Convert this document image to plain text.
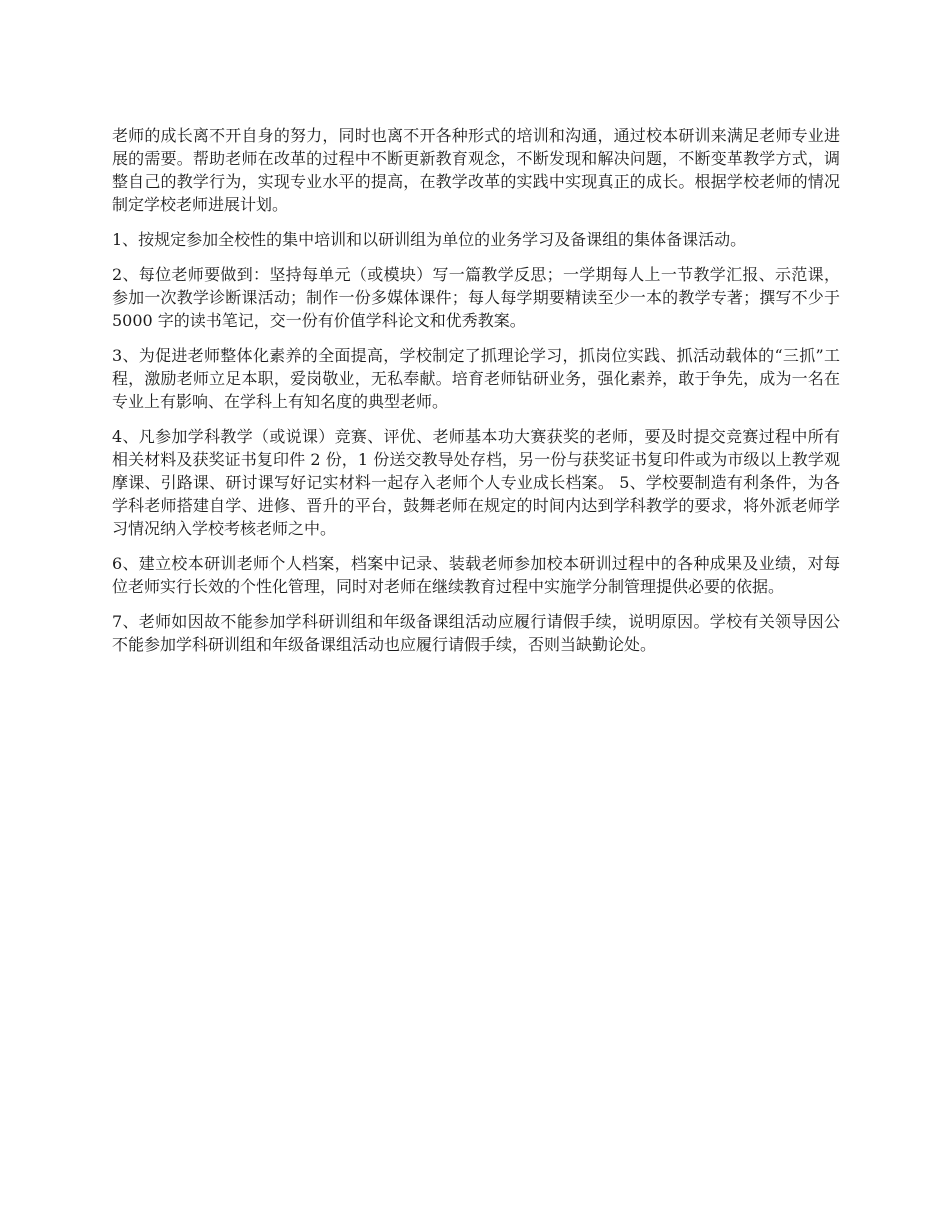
老师的成长离不开自身的努力，同时也离不开各种形式的培训和沟通，通过校本研训来满足老师专业进展的需要。帮助老师在改革的过程中不断更新教育观念，不断发现和解决问题，不断变革教学方式，调整自己的教学行为，实现专业水平的提高，在教学改革的实践中实现真正的成长。根据学校老师的情况制定学校老师进展计划。

1、按规定参加全校性的集中培训和以研训组为单位的业务学习及备课组的集体备课活动。

2、每位老师要做到：坚持每单元（或模块）写一篇教学反思；一学期每人上一节教学汇报、示范课，参加一次教学诊断课活动；制作一份多媒体课件；每人每学期要精读至少一本的教学专著；撰写不少于 5000 字的读书笔记，交一份有价值学科论文和优秀教案。

3、为促进老师整体化素养的全面提高，学校制定了抓理论学习，抓岗位实践、抓活动载体的“三抓”工程，激励老师立足本职，爱岗敬业，无私奉献。培育老师钻研业务，强化素养，敢于争先，成为一名在专业上有影响、在学科上有知名度的典型老师。

4、凡参加学科教学（或说课）竞赛、评优、老师基本功大赛获奖的老师，要及时提交竞赛过程中所有相关材料及获奖证书复印件 2 份，1 份送交教导处存档，另一份与获奖证书复印件或为市级以上教学观摩课、引路课、研讨课写好记实材料一起存入老师个人专业成长档案。 5、学校要制造有利条件，为各学科老师搭建自学、进修、晋升的平台，鼓舞老师在规定的时间内达到学科教学的要求，将外派老师学习情况纳入学校考核老师之中。

6、建立校本研训老师个人档案，档案中记录、装载老师参加校本研训过程中的各种成果及业绩，对每位老师实行长效的个性化管理，同时对老师在继续教育过程中实施学分制管理提供必要的依据。

7、老师如因故不能参加学科研训组和年级备课组活动应履行请假手续，说明原因。学校有关领导因公不能参加学科研训组和年级备课组活动也应履行请假手续，否则当缺勤论处。
